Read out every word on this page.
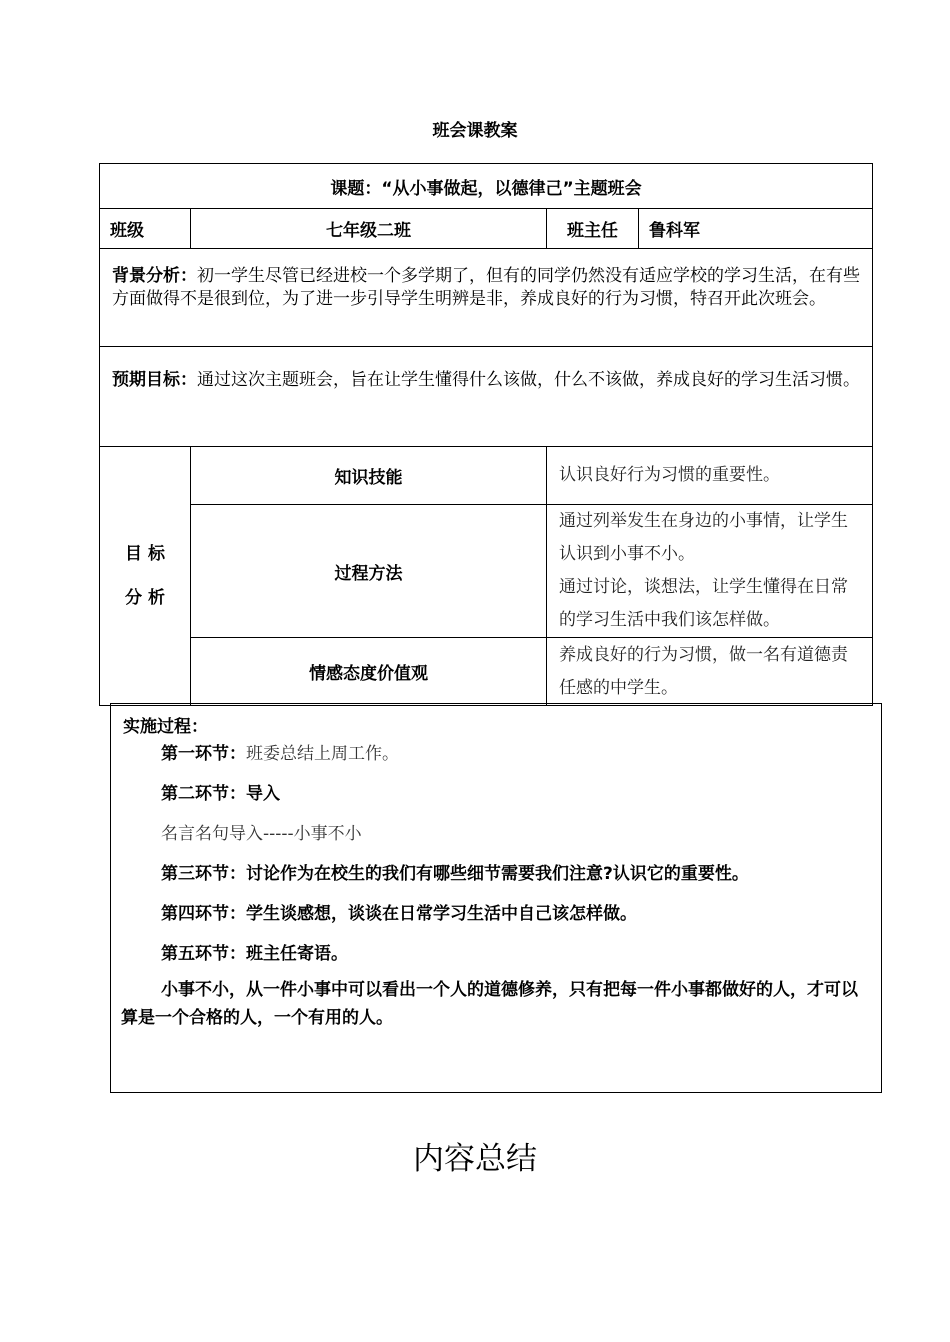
班会课教案
课题：“从小事做起，以德律己”主题班会			
班级	七年级二班	班主任	鲁科军
背景分析：初一学生尽管已经进校一个多学期了，但有的同学仍然没有适应学校的学习生活，在有些方面做得不是很到位，为了进一步引导学生明辨是非，养成良好的行为习惯，特召开此次班会。			
预期目标：通过这次主题班会，旨在让学生懂得什么该做，什么不该做，养成良好的学习生活习惯。			

目 标
分 析	知识技能	认识良好行为习惯的重要性。	

	过程方法	通过列举发生在身边的小事情，让学生认识到小事不小。
通过讨论，谈想法，让学生懂得在日常的学习生活中我们该怎样做。	

	情感态度价值观	养成良好的行为习惯，做一名有道德责任感的中学生。	
实施过程：
第一环节：班委总结上周工作。
第二环节：导入
名言名句导入-----小事不小
第三环节：讨论作为在校生的我们有哪些细节需要我们注意?认识它的重要性。
第四环节：学生谈感想，谈谈在日常学习生活中自己该怎样做。
第五环节：班主任寄语。
小事不小，从一件小事中可以看出一个人的道德修养，只有把每一件小事都做好的人，才可以算是一个合格的人，一个有用的人。
内容总结
